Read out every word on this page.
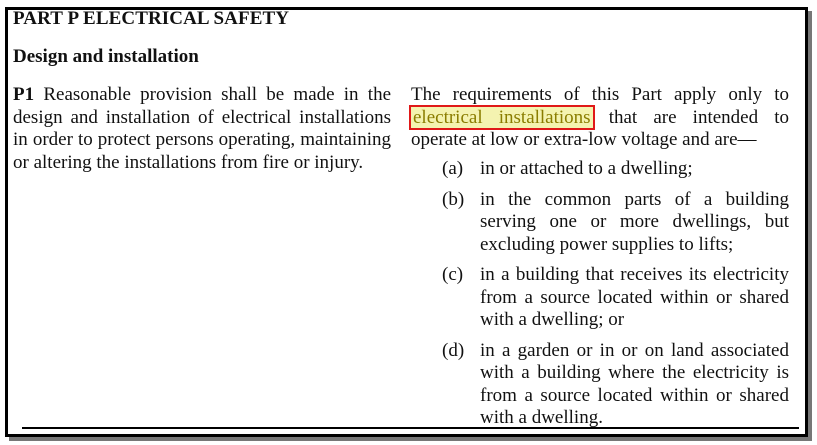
PART P ELECTRICAL SAFETY
Design and installation
P1 Reasonable provision shall be made in the design and installation of electrical installations in order to protect persons operating, maintaining or altering the installations from fire or injury.
The requirements of this Part apply only to electrical installations that are intended to operate at low or extra-low voltage and are—
(a) in or attached to a dwelling;
(b) in the common parts of a building serving one or more dwellings, but excluding power supplies to lifts;
(c) in a building that receives its electricity from a source located within or shared with a dwelling; or
(d) in a garden or in or on land associated with a building where the electricity is from a source located within or shared with a dwelling.
